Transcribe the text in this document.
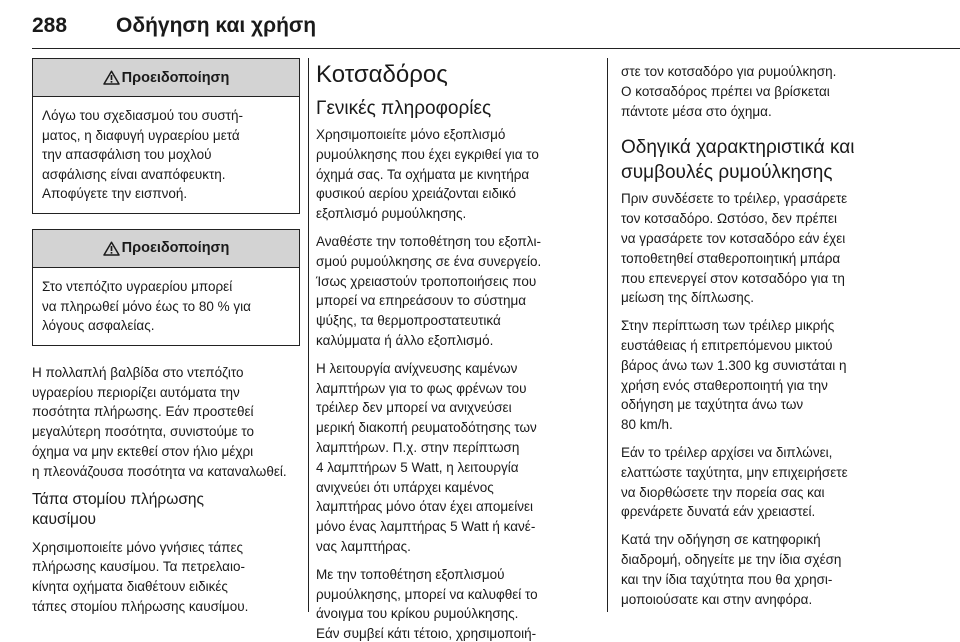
288	Οδήγηση και χρήση
Προειδοποίηση
Λόγω του σχεδιασμού του συστή-
ματος, η διαφυγή υγραερίου μετά
την απασφάλιση του μοχλού
ασφάλισης είναι αναπόφευκτη.
Αποφύγετε την εισπνοή.
Προειδοποίηση
Στο ντεπόζιτο υγραερίου μπορεί
να πληρωθεί μόνο έως το 80 % για
λόγους ασφαλείας.

Η πολλαπλή βαλβίδα στο ντεπόζιτο
υγραερίου περιορίζει αυτόματα την
ποσότητα πλήρωσης. Εάν προστεθεί
μεγαλύτερη ποσότητα, συνιστούμε το
όχημα να μην εκτεθεί στον ήλιο μέχρι
η πλεονάζουσα ποσότητα να καταναλωθεί.

Τάπα στομίου πλήρωσης
καυσίμου

Χρησιμοποιείτε μόνο γνήσιες τάπες
πλήρωσης καυσίμου. Τα πετρελαιο-
κίνητα οχήματα διαθέτουν ειδικές
τάπες στομίου πλήρωσης καυσίμου.

Κοτσαδόρος
Γενικές πληροφορίες

Χρησιμοποιείτε μόνο εξοπλισμό
ρυμούλκησης που έχει εγκριθεί για το
όχημά σας. Τα οχήματα με κινητήρα
φυσικού αερίου χρειάζονται ειδικό
εξοπλισμό ρυμούλκησης.

Αναθέστε την τοποθέτηση του εξοπλι-
σμού ρυμούλκησης σε ένα συνεργείο.
Ίσως χρειαστούν τροποποιήσεις που
μπορεί να επηρεάσουν το σύστημα
ψύξης, τα θερμοπροστατευτικά
καλύμματα ή άλλο εξοπλισμό.

Η λειτουργία ανίχνευσης καμένων
λαμπτήρων για το φως φρένων του
τρέιλερ δεν μπορεί να ανιχνεύσει
μερική διακοπή ρευματοδότησης των
λαμπτήρων. Π.χ. στην περίπτωση
4 λαμπτήρων 5 Watt, η λειτουργία
ανιχνεύει ότι υπάρχει καμένος
λαμπτήρας μόνο όταν έχει απομείνει
μόνο ένας λαμπτήρας 5 Watt ή κανέ-
νας λαμπτήρας.

Με την τοποθέτηση εξοπλισμού
ρυμούλκησης, μπορεί να καλυφθεί το
άνοιγμα του κρίκου ρυμούλκησης.
Εάν συμβεί κάτι τέτοιο, χρησιμοποιή-

στε τον κοτσαδόρο για ρυμούλκηση.
Ο κοτσαδόρος πρέπει να βρίσκεται
πάντοτε μέσα στο όχημα.

Οδηγικά χαρακτηριστικά και
συμβουλές ρυμούλκησης

Πριν συνδέσετε το τρέιλερ, γρασάρετε
τον κοτσαδόρο. Ωστόσο, δεν πρέπει
να γρασάρετε τον κοτσαδόρο εάν έχει
τοποθετηθεί σταθεροποιητική μπάρα
που επενεργεί στον κοτσαδόρο για τη
μείωση της δίπλωσης.

Στην περίπτωση των τρέιλερ μικρής
ευστάθειας ή επιτρεπόμενου μικτού
βάρος άνω των 1.300 kg συνιστάται η
χρήση ενός σταθεροποιητή για την
οδήγηση με ταχύτητα άνω των
80 km/h.

Εάν το τρέιλερ αρχίσει να διπλώνει,
ελαττώστε ταχύτητα, μην επιχειρήσετε
να διορθώσετε την πορεία σας και
φρενάρετε δυνατά εάν χρειαστεί.

Κατά την οδήγηση σε κατηφορική
διαδρομή, οδηγείτε με την ίδια σχέση
και την ίδια ταχύτητα που θα χρησι-
μοποιούσατε και στην ανηφόρα.
